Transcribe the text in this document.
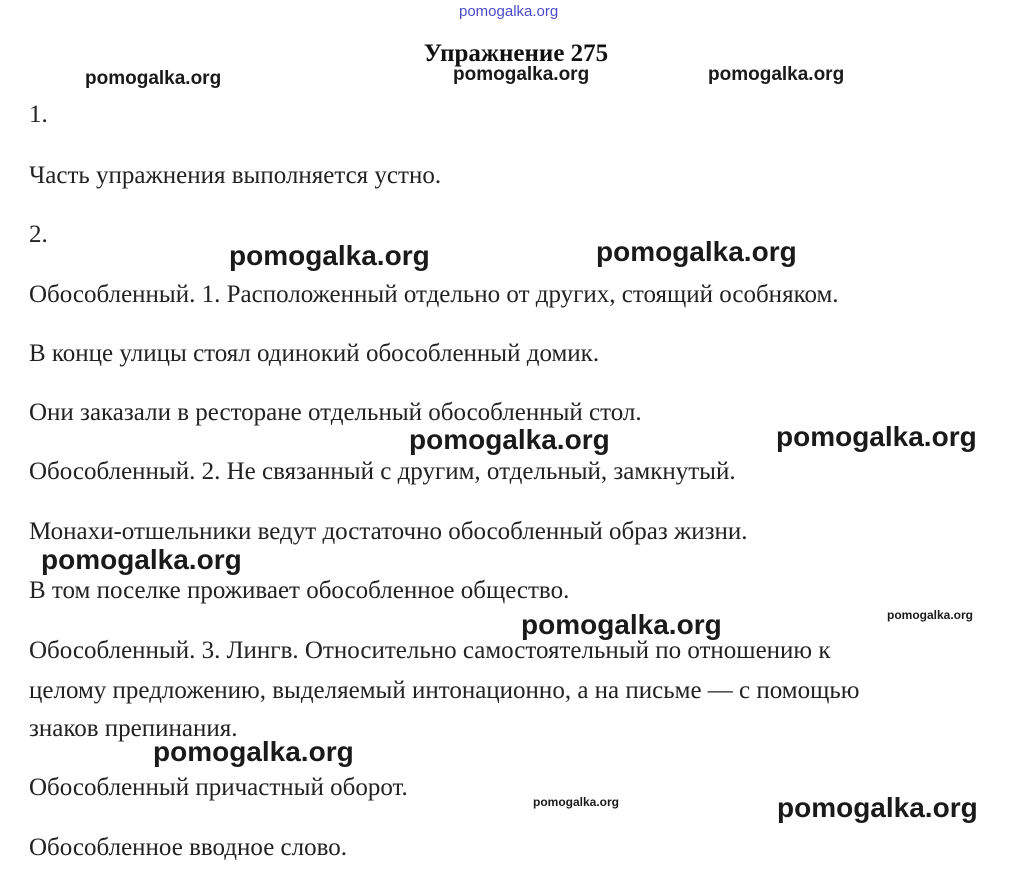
Упражнение 275
1.
Часть упражнения выполняется устно.
2.
Обособленный. 1. Расположенный отдельно от других, стоящий особняком.
В конце улицы стоял одинокий обособленный домик.
Они заказали в ресторане отдельный обособленный стол.
Обособленный. 2. Не связанный с другим, отдельный, замкнутый.
Монахи-отшельники ведут достаточно обособленный образ жизни.
В том поселке проживает обособленное общество.
Обособленный. 3. Лингв. Относительно самостоятельный по отношению к
целому предложению, выделяемый интонационно, а на письме — с помощью
знаков препинания.
Обособленный причастный оборот.
Обособленное вводное слово.
pomogalka.org
pomogalka.org	pomogalka.org	pomogalka.org
pomogalka.org	pomogalka.org
pomogalka.org	pomogalka.org
pomogalka.org
pomogalka.org
pomogalka.org
pomogalka.org
pomogalka.org	pomogalka.org
